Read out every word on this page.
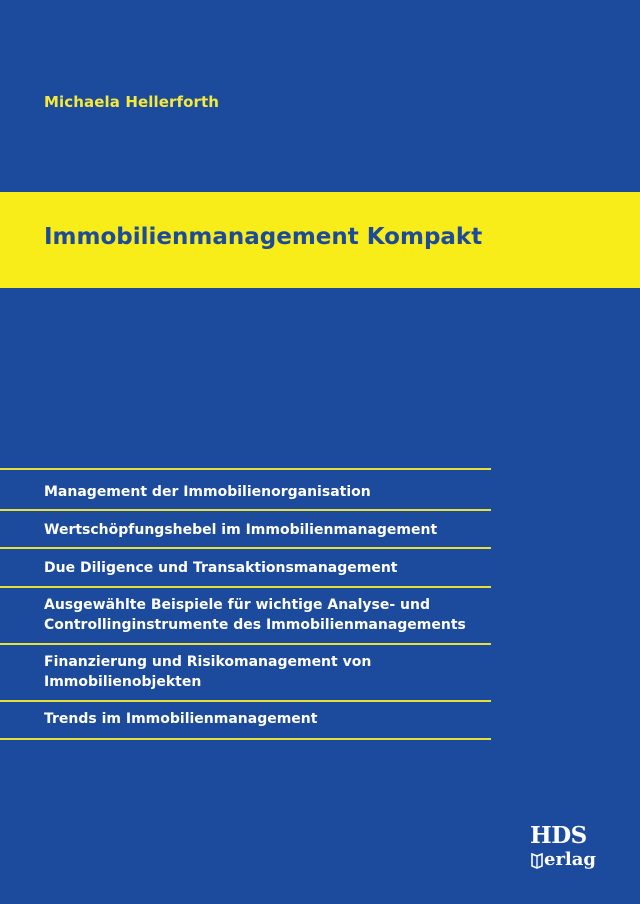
Michaela Hellerforth
Immobilienmanagement Kompakt
Management der Immobilienorganisation
Wertschöpfungshebel im Immobilienmanagement
Due Diligence und Transaktionsmanagement
Ausgewählte Beispiele für wichtige Analyse- und
Controllinginstrumente des Immobilienmanagements
Finanzierung und Risikomanagement von
Immobilienobjekten
Trends im Immobilienmanagement
HDS
erlag
